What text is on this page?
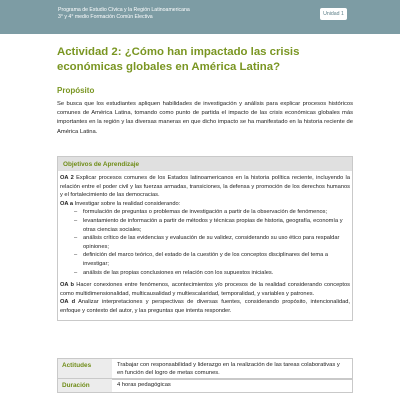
Programa de Estudio Cívica y la Región Latinoamericana
3° y 4° medio Formación Común Electiva	Unidad 1
Actividad 2: ¿Cómo han impactado las crisis económicas globales en América Latina?
Propósito

Se busca que los estudiantes apliquen habilidades de investigación y análisis para explicar procesos históricos comunes de América Latina, tomando como punto de partida el impacto de las crisis económicas globales más importantes en la región y las diversas maneras en que dicho impacto se ha manifestado en la historia reciente de América Latina.

Objetivos de Aprendizaje

OA 2 Explicar procesos comunes de los Estados latinoamericanos en la historia política reciente, incluyendo la relación entre el poder civil y las fuerzas armadas, transiciones, la defensa y promoción de los derechos humanos y el fortalecimiento de las democracias.

OA a Investigar sobre la realidad considerando:

– formulación de preguntas o problemas de investigación a partir de la observación de fenómenos;
– levantamiento de información a partir de métodos y técnicas propias de historia, geografía, economía y otras ciencias sociales;
– análisis crítico de las evidencias y evaluación de su validez, considerando su uso ético para respaldar opiniones;
– definición del marco teórico, del estado de la cuestión y de los conceptos disciplinares del tema a investigar;
– análisis de las propias conclusiones en relación con los supuestos iniciales.

OA b Hacer conexiones entre fenómenos, acontecimientos y/o procesos de la realidad considerando conceptos como multidimensionalidad, multicausalidad y multiescalaridad, temporalidad, y variables y patrones.

OA d Analizar interpretaciones y perspectivas de diversas fuentes, considerando propósito, intencionalidad, enfoque y contexto del autor, y las preguntas que intenta responder.

Actitudes	Trabajar con responsabilidad y liderazgo en la realización de las tareas colaborativas y en función del logro de metas comunes.
Duración	4 horas pedagógicas
